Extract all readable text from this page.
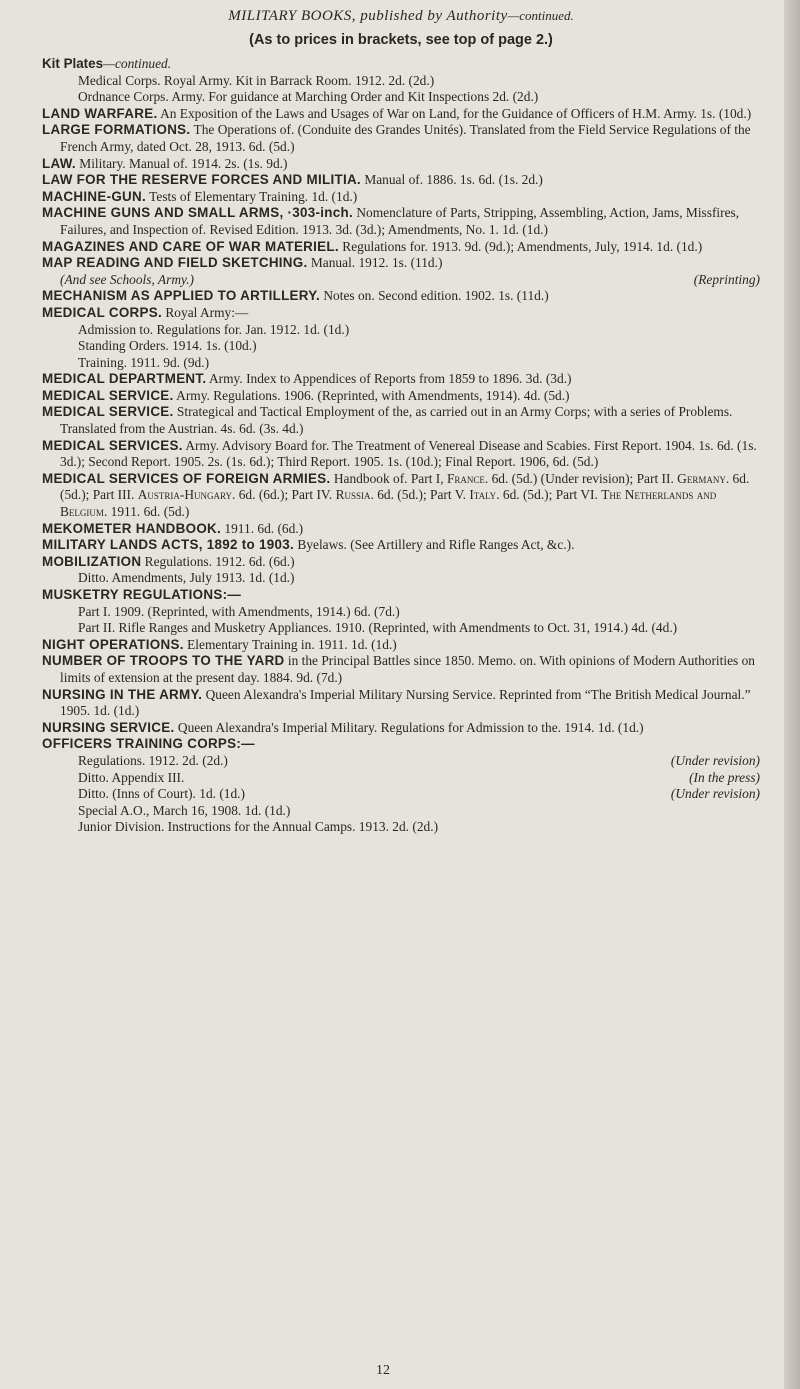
MILITARY BOOKS, published by Authority—continued.

(As to prices in brackets, see top of page 2.)

Kit Plates—continued.
Medical Corps. Royal Army. Kit in Barrack Room. 1912. 2d. (2d.)
Ordnance Corps. Army. For guidance at Marching Order and Kit Inspections 2d. (2d.)

LAND WARFARE. An Exposition of the Laws and Usages of War on Land, for the Guidance of Officers of H.M. Army. 1s. (10d.)

LARGE FORMATIONS. The Operations of. (Conduite des Grandes Unités). Translated from the Field Service Regulations of the French Army, dated Oct. 28, 1913. 6d. (5d.)

LAW. Military. Manual of. 1914. 2s. (1s. 9d.)

LAW FOR THE RESERVE FORCES AND MILITIA. Manual of. 1886. 1s. 6d. (1s. 2d.)

MACHINE-GUN. Tests of Elementary Training. 1d. (1d.)

MACHINE GUNS AND SMALL ARMS, ·303-inch. Nomenclature of Parts, Stripping, Assembling, Action, Jams, Missfires, Failures, and Inspection of. Revised Edition. 1913. 3d. (3d.); Amendments, No. 1. 1d. (1d.)

MAGAZINES AND CARE OF WAR MATERIEL. Regulations for. 1913. 9d. (9d.); Amendments, July, 1914. 1d. (1d.)

MAP READING AND FIELD SKETCHING. Manual. 1912. 1s. (11d.)
(And see Schools, Army.)	(Reprinting)

MECHANISM AS APPLIED TO ARTILLERY. Notes on. Second edition. 1902. 1s. (11d.)

MEDICAL CORPS. Royal Army:—
Admission to. Regulations for. Jan. 1912. 1d. (1d.)
Standing Orders. 1914. 1s. (10d.)
Training. 1911. 9d. (9d.)

MEDICAL DEPARTMENT. Army. Index to Appendices of Reports from 1859 to 1896. 3d. (3d.)

MEDICAL SERVICE. Army. Regulations. 1906. (Reprinted, with Amendments, 1914). 4d. (5d.)

MEDICAL SERVICE. Strategical and Tactical Employment of the, as carried out in an Army Corps; with a series of Problems. Translated from the Austrian. 4s. 6d. (3s. 4d.)

MEDICAL SERVICES. Army. Advisory Board for. The Treatment of Venereal Disease and Scabies. First Report. 1904. 1s. 6d. (1s. 3d.); Second Report. 1905. 2s. (1s. 6d.); Third Report. 1905. 1s. (10d.); Final Report. 1906, 6d. (5d.)

MEDICAL SERVICES OF FOREIGN ARMIES. Handbook of. Part I, France. 6d. (5d.) (Under revision); Part II. Germany. 6d. (5d.); Part III. Austria-Hungary. 6d. (6d.); Part IV. Russia. 6d. (5d.); Part V. Italy. 6d. (5d.); Part VI. The Netherlands and Belgium. 1911. 6d. (5d.)

MEKOMETER HANDBOOK. 1911. 6d. (6d.)

MILITARY LANDS ACTS, 1892 to 1903. Byelaws. (See Artillery and Rifle Ranges Act, &c.).

MOBILIZATION Regulations. 1912. 6d. (6d.)
Ditto. Amendments, July 1913. 1d. (1d.)

MUSKETRY REGULATIONS:—
Part I. 1909. (Reprinted, with Amendments, 1914.) 6d. (7d.)
Part II. Rifle Ranges and Musketry Appliances. 1910. (Reprinted, with Amendments to Oct. 31, 1914.) 4d. (4d.)

NIGHT OPERATIONS. Elementary Training in. 1911. 1d. (1d.)

NUMBER OF TROOPS TO THE YARD in the Principal Battles since 1850. Memo. on. With opinions of Modern Authorities on limits of extension at the present day. 1884. 9d. (7d.)

NURSING IN THE ARMY. Queen Alexandra's Imperial Military Nursing Service. Reprinted from “The British Medical Journal.” 1905. 1d. (1d.)

NURSING SERVICE. Queen Alexandra's Imperial Military. Regulations for Admission to the. 1914. 1d. (1d.)

OFFICERS TRAINING CORPS:—
Regulations. 1912. 2d. (2d.)	(Under revision)
Ditto. Appendix III.	(In the press)
Ditto. (Inns of Court). 1d. (1d.)	(Under revision)
Special A.O., March 16, 1908. 1d. (1d.)
Junior Division. Instructions for the Annual Camps. 1913. 2d. (2d.)

12
